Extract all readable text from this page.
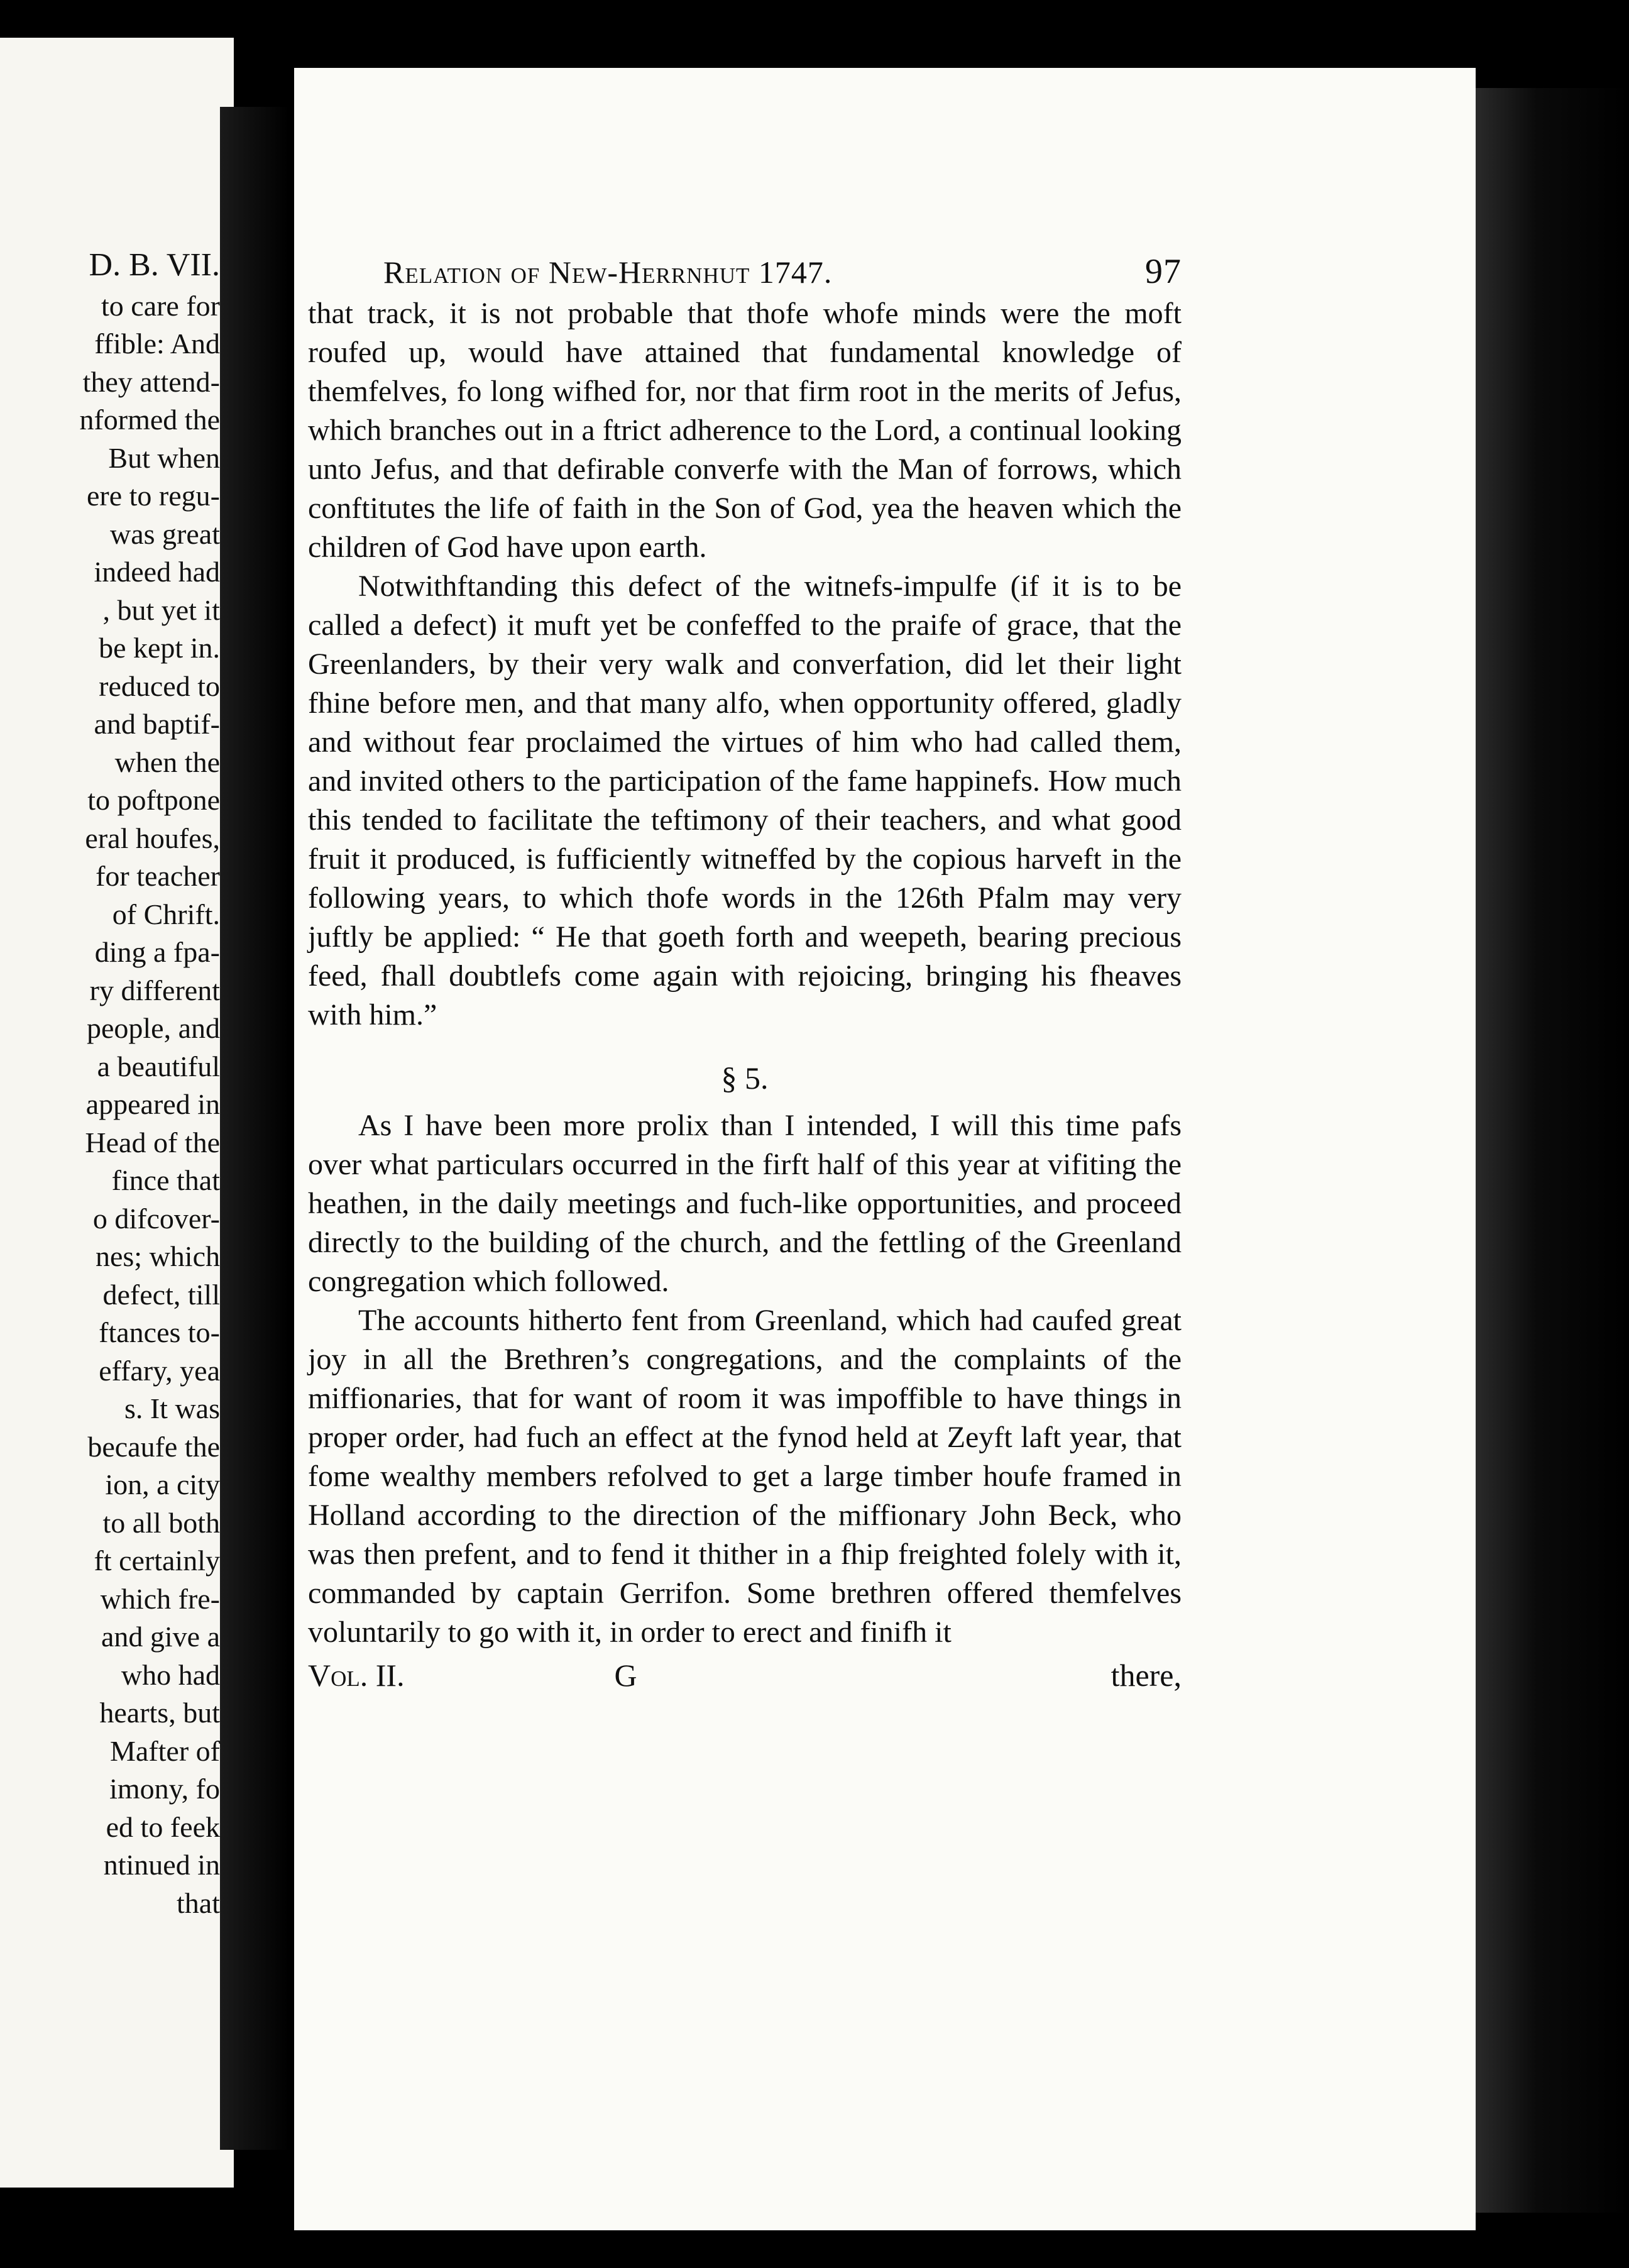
D. B. VII.
to care for
ffible: And
they attend-
nformed the
But when
ere to regu-
was great
indeed had
, but yet it
be kept in.
reduced to
and baptif-
when the
to poftpone
eral houfes,
for teacher
of Chrift.
ding a fpa-
ry different
people, and
a beautiful
appeared in
Head of the
fince that
o difcover-
nes; which
defect, till
ftances to-
effary, yea
s. It was
becaufe the
ion, a city
to all both
ft certainly
which fre-
and give a
who had
hearts, but
Mafter of
imony, fo
ed to feek
ntinued in
that
Relation of New-Herrnhut 1747.	97

that track, it is not probable that thofe whofe minds were the moft roufed up, would have attained that fundamental knowledge of themfelves, fo long wifhed for, nor that firm root in the merits of Jefus, which branches out in a ftrict adherence to the Lord, a continual looking unto Jefus, and that defirable converfe with the Man of forrows, which conftitutes the life of faith in the Son of God, yea the heaven which the children of God have upon earth.

Notwithftanding this defect of the witnefs-impulfe (if it is to be called a defect) it muft yet be confeffed to the praife of grace, that the Greenlanders, by their very walk and converfation, did let their light fhine before men, and that many alfo, when opportunity offered, gladly and without fear proclaimed the virtues of him who had called them, and invited others to the participation of the fame happinefs. How much this tended to facilitate the teftimony of their teachers, and what good fruit it produced, is fufficiently witneffed by the copious harveft in the following years, to which thofe words in the 126th Pfalm may very juftly be applied: “ He that goeth forth and weepeth, bearing precious feed, fhall doubtlefs come again with rejoicing, bringing his fheaves with him.”

§ 5.

As I have been more prolix than I intended, I will this time pafs over what particulars occurred in the firft half of this year at vifiting the heathen, in the daily meetings and fuch-like opportunities, and proceed directly to the building of the church, and the fettling of the Greenland congregation which followed.

The accounts hitherto fent from Greenland, which had caufed great joy in all the Brethren’s congregations, and the complaints of the miffionaries, that for want of room it was impoffible to have things in proper order, had fuch an effect at the fynod held at Zeyft laft year, that fome wealthy members refolved to get a large timber houfe framed in Holland according to the direction of the miffionary John Beck, who was then prefent, and to fend it thither in a fhip freighted folely with it, commanded by captain Gerrifon. Some brethren offered themfelves voluntarily to go with it, in order to erect and finifh it

Vol. II.	G	there,
